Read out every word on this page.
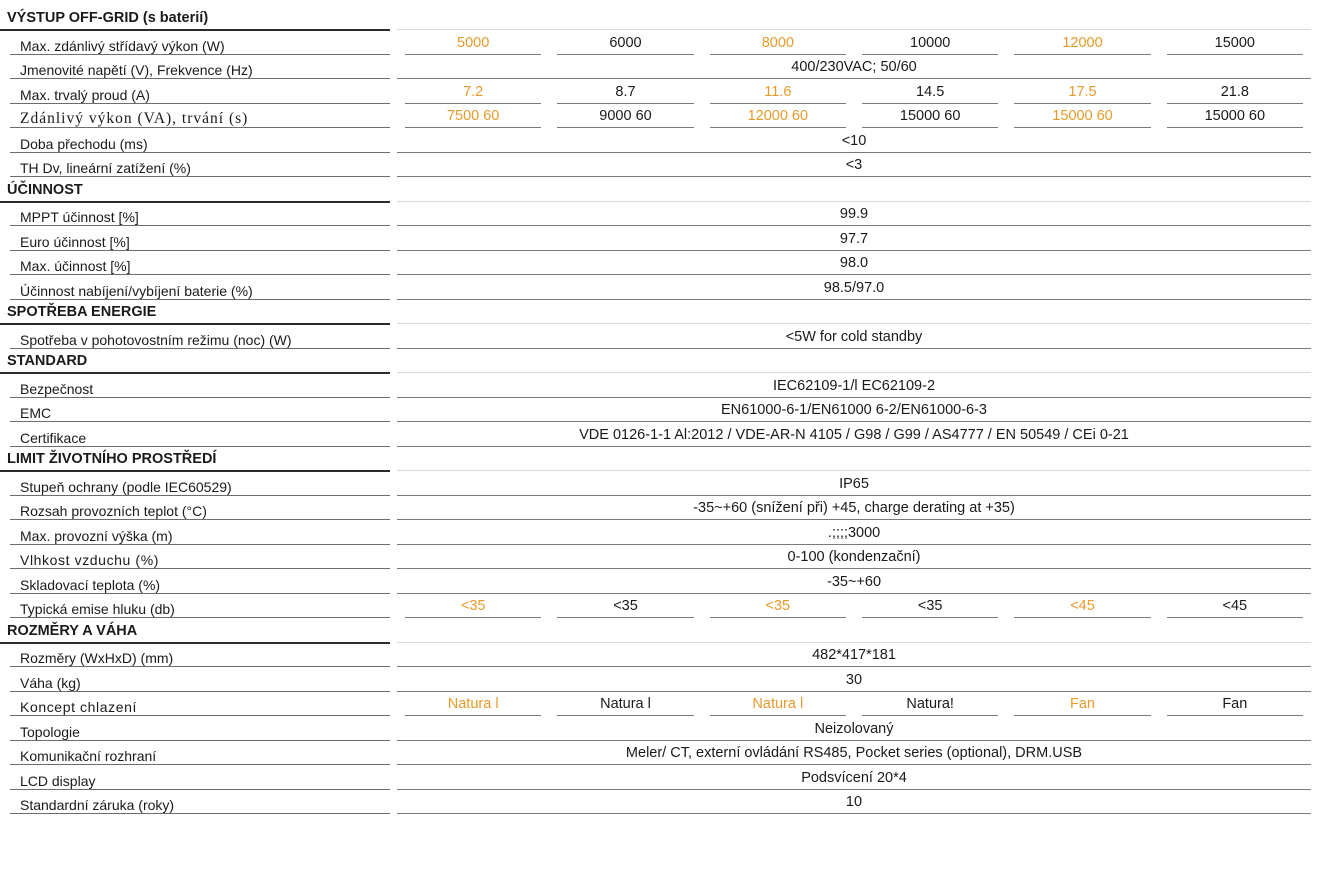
VÝSTUP OFF-GRID (s baterií)
Max. zdánlivý střídavý výkon (W)	5000	6000	8000	10000	12000	15000
Jmenovité napětí (V), Frekvence (Hz)	400/230VAC; 50/60
Max. trvalý proud (A)	7.2	8.7	11.6	14.5	17.5	21.8
Zdánlivý výkon (VA), trvání (s)	7500 60	9000 60	12000 60	15000 60	15000 60	15000 60
Doba přechodu (ms)	<10
TH Dv, lineární zatížení (%)	<3
ÚČINNOST
MPPT účinnost [%]	99.9
Euro účinnost [%]	97.7
Max. účinnost [%]	98.0
Účinnost nabíjení/vybíjení baterie (%)	98.5/97.0
SPOTŘEBA ENERGIE
Spotřeba v pohotovostním režimu (noc) (W)	<5W for cold standby
STANDARD
Bezpečnost	IEC62109-1/l EC62109-2
EMC	EN61000-6-1/EN61000 6-2/EN61000-6-3
Certifikace	VDE 0126-1-1 Al:2012 / VDE-AR-N 4105 / G98 / G99 / AS4777 / EN 50549 / CEi 0-21
LIMIT ŽIVOTNÍHO PROSTŘEDÍ
Stupeň ochrany (podle IEC60529)	IP65
Rozsah provozních teplot (°C)	-35~+60 (snížení při) +45, charge derating at +35)
Max. provozní výška (m)	.;;;;3000
Vlhkost vzduchu (%)	0-100 (kondenzační)
Skladovací teplota (%)	-35~+60
Typická emise hluku (db)	<35	<35	<35	<35	<45	<45
ROZMĚRY A VÁHA
Rozměry (WxHxD) (mm)	482*417*181
Váha (kg)	30
Koncept chlazení	Natura l	Natura l	Natura l	Natura!	Fan	Fan
Topologie	Neizolovaný
Komunikační rozhraní	Meler/ CT, externí ovládání RS485, Pocket series (optional), DRM.USB
LCD display	Podsvícení 20*4
Standardní záruka (roky)	10
